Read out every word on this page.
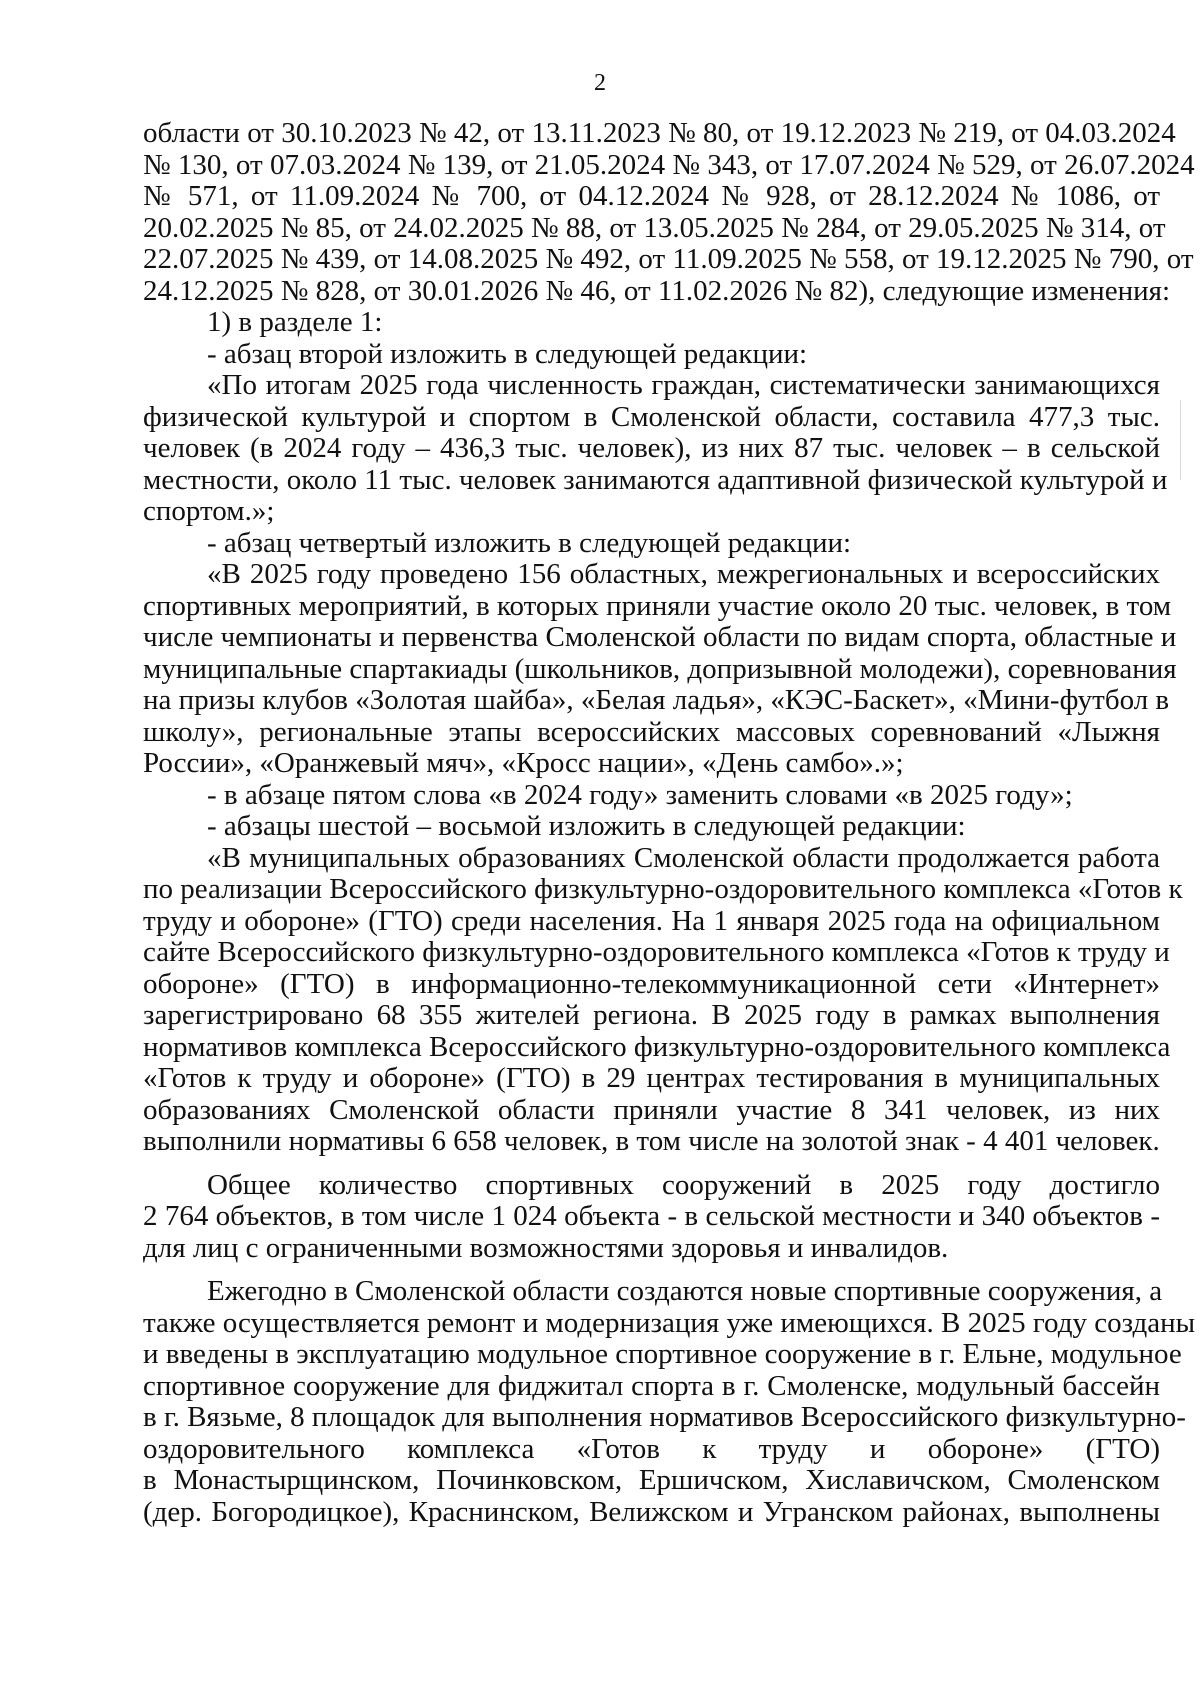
2
области от 30.10.2023 № 42, от 13.11.2023 № 80, от 19.12.2023 № 219, от 04.03.2024
№ 130, от 07.03.2024 № 139, от 21.05.2024 № 343, от 17.07.2024 № 529, от 26.07.2024
№ 571, от 11.09.2024 № 700, от 04.12.2024 № 928, от 28.12.2024 № 1086, от
20.02.2025 № 85, от 24.02.2025 № 88, от 13.05.2025 № 284, от 29.05.2025 № 314, от
22.07.2025 № 439, от 14.08.2025 № 492, от 11.09.2025 № 558, от 19.12.2025 № 790, от
24.12.2025 № 828, от 30.01.2026 № 46, от 11.02.2026 № 82), следующие изменения:
1) в разделе 1:
- абзац второй изложить в следующей редакции:
«По итогам 2025 года численность граждан, систематически занимающихся
физической культурой и спортом в Смоленской области, составила 477,3 тыс.
человек (в 2024 году – 436,3 тыс. человек), из них 87 тыс. человек – в сельской
местности, около 11 тыс. человек занимаются адаптивной физической культурой и
спортом.»;
- абзац четвертый изложить в следующей редакции:
«В 2025 году проведено 156 областных, межрегиональных и всероссийских
спортивных мероприятий, в которых приняли участие около 20 тыс. человек, в том
числе чемпионаты и первенства Смоленской области по видам спорта, областные и
муниципальные спартакиады (школьников, допризывной молодежи), соревнования
на призы клубов «Золотая шайба», «Белая ладья», «КЭС-Баскет», «Мини-футбол в
школу», региональные этапы всероссийских массовых соревнований «Лыжня
России», «Оранжевый мяч», «Кросс нации», «День самбо».»;
- в абзаце пятом слова «в 2024 году» заменить словами «в 2025 году»;
- абзацы шестой – восьмой изложить в следующей редакции:
«В муниципальных образованиях Смоленской области продолжается работа
по реализации Всероссийского физкультурно-оздоровительного комплекса «Готов к
труду и обороне» (ГТО) среди населения. На 1 января 2025 года на официальном
сайте Всероссийского физкультурно-оздоровительного комплекса «Готов к труду и
обороне» (ГТО) в информационно-телекоммуникационной сети «Интернет»
зарегистрировано 68 355 жителей региона. В 2025 году в рамках выполнения
нормативов комплекса Всероссийского физкультурно-оздоровительного комплекса
«Готов к труду и обороне» (ГТО) в 29 центрах тестирования в муниципальных
образованиях Смоленской области приняли участие 8 341 человек, из них
выполнили нормативы 6 658 человек, в том числе на золотой знак - 4 401 человек.
Общее количество спортивных сооружений в 2025 году достигло
2 764 объектов, в том числе 1 024 объекта - в сельской местности и 340 объектов -
для лиц с ограниченными возможностями здоровья и инвалидов.
Ежегодно в Смоленской области создаются новые спортивные сооружения, а
также осуществляется ремонт и модернизация уже имеющихся. В 2025 году созданы
и введены в эксплуатацию модульное спортивное сооружение в г. Ельне, модульное
спортивное сооружение для фиджитал спорта в г. Смоленске, модульный бассейн
в г. Вязьме, 8 площадок для выполнения нормативов Всероссийского физкультурно-
оздоровительного комплекса «Готов к труду и обороне» (ГТО)
в Монастырщинском, Починковском, Ершичском, Хиславичском, Смоленском
(дер. Богородицкое), Краснинском, Велижском и Угранском районах, выполнены
